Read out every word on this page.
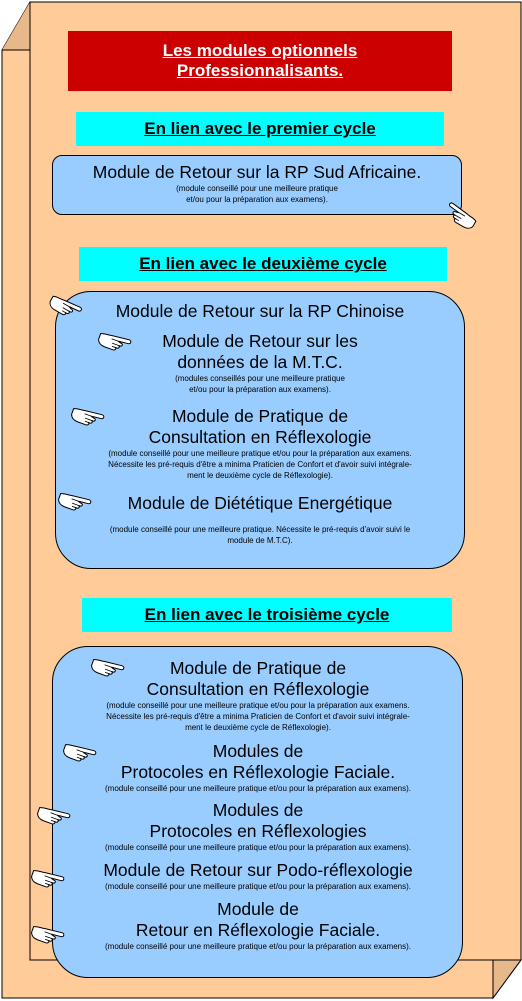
Les modules optionnels
Professionnalisants.
En lien avec le premier cycle
Module de Retour sur la RP Sud Africaine.
(module conseillé pour une meilleure pratique
et/ou pour la préparation aux examens).
En lien avec le deuxième cycle
Module de Retour sur la RP Chinoise
Module de Retour sur les
données de la M.T.C.
(modules conseillés pour une meilleure pratique
et/ou pour la préparation aux examens).
Module de Pratique de
Consultation en Réflexologie
(module conseillé pour une meilleure pratique et/ou pour la préparation aux examens.
Nécessite les pré-requis d'être a minima Praticien de Confort et d'avoir suivi intégrale-
ment le deuxième cycle de Réflexologie).
Module de Diététique Energétique
(module conseillé pour une meilleure pratique. Nécessite le pré-requis d'avoir suivi le
module de M.T.C).
En lien avec le troisième cycle
Module de Pratique de
Consultation en Réflexologie
(module conseillé pour une meilleure pratique et/ou pour la préparation aux examens.
Nécessite les pré-requis d'être a minima Praticien de Confort et d'avoir suivi intégrale-
ment le deuxième cycle de Réflexologie).
Modules de
Protocoles en Réflexologie Faciale.
(module conseillé pour une meilleure pratique et/ou pour la préparation aux examens).
Modules de
Protocoles en Réflexologies
(module conseillé pour une meilleure pratique et/ou pour la préparation aux examens).
Module de Retour sur Podo-réflexologie
(module conseillé pour une meilleure pratique et/ou pour la préparation aux examens).
Module de
Retour en Réflexologie Faciale.
(module conseillé pour une meilleure pratique et/ou pour la préparation aux examens).
